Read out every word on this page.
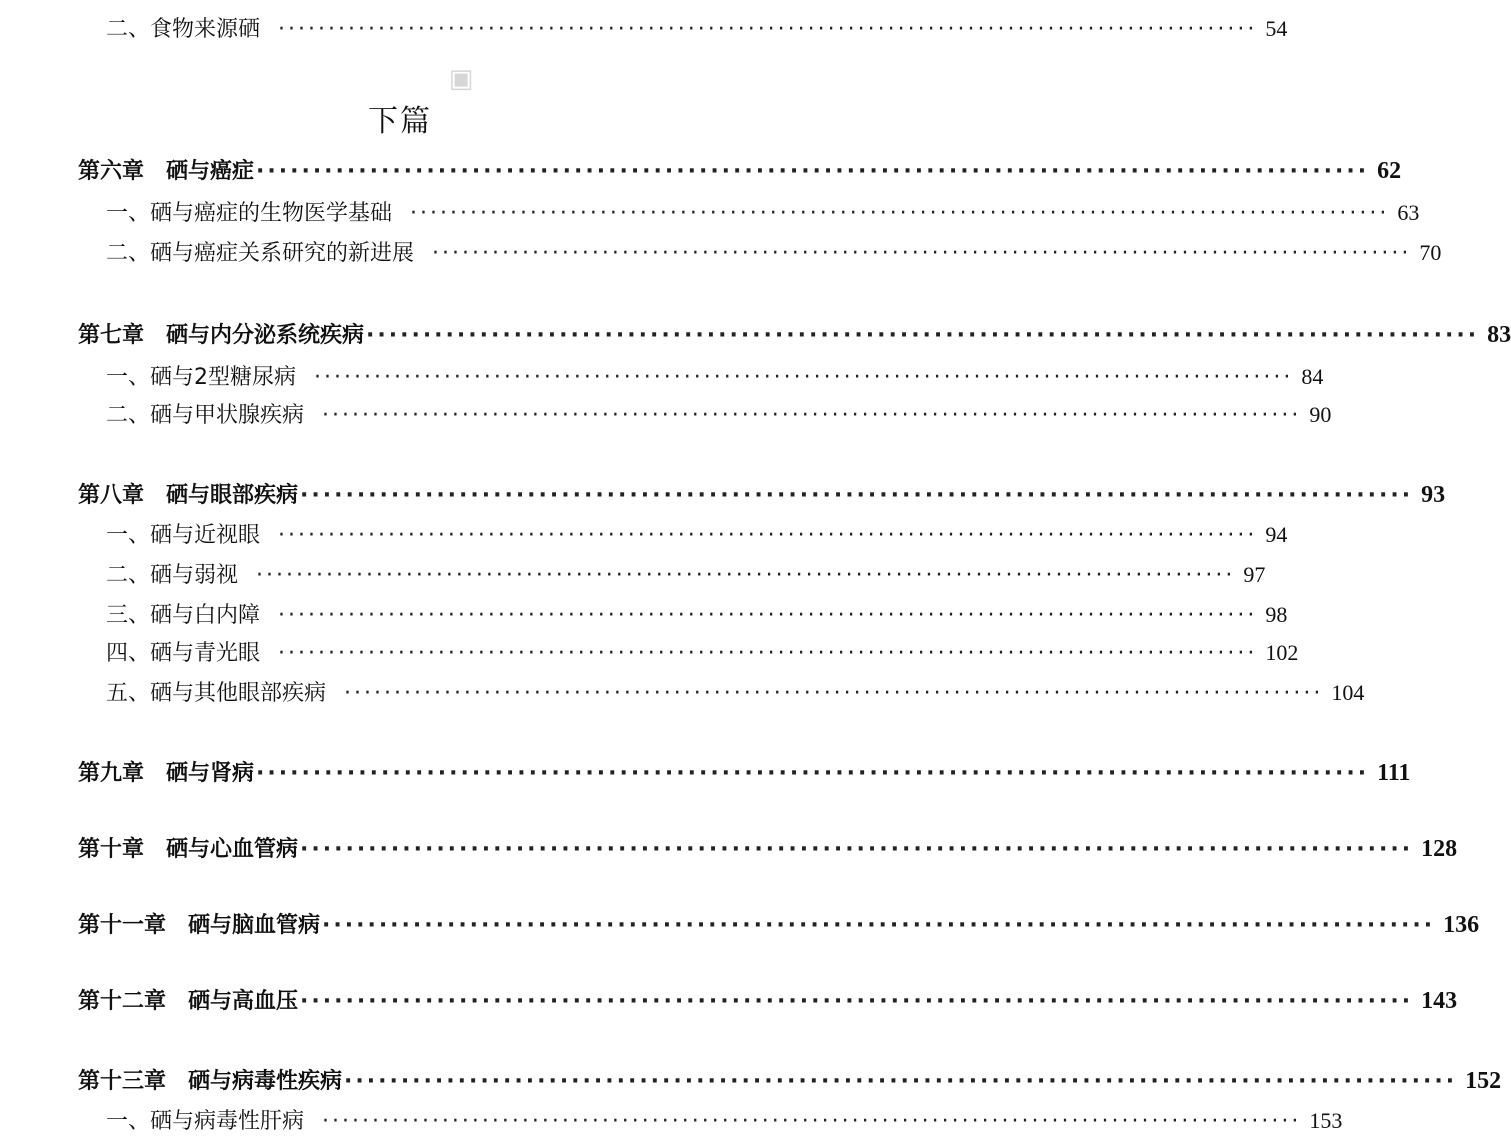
二、食物来源硒 ·································································································· 54
▣
下篇
第六章 硒与癌症 ·································································································· 62
一、硒与癌症的生物医学基础 ·································································································· 63
二、硒与癌症关系研究的新进展 ·································································································· 70
第七章 硒与内分泌系统疾病 ·································································································· 83
一、硒与2型糖尿病 ·································································································· 84
二、硒与甲状腺疾病 ·································································································· 90
第八章 硒与眼部疾病 ·································································································· 93
一、硒与近视眼 ·································································································· 94
二、硒与弱视 ·································································································· 97
三、硒与白内障 ·································································································· 98
四、硒与青光眼 ·································································································· 102
五、硒与其他眼部疾病 ·································································································· 104
第九章 硒与肾病 ·································································································· 111
第十章 硒与心血管病 ·································································································· 128
第十一章 硒与脑血管病 ·································································································· 136
第十二章 硒与高血压 ·································································································· 143
第十三章 硒与病毒性疾病 ·································································································· 152
一、硒与病毒性肝病 ·································································································· 153
